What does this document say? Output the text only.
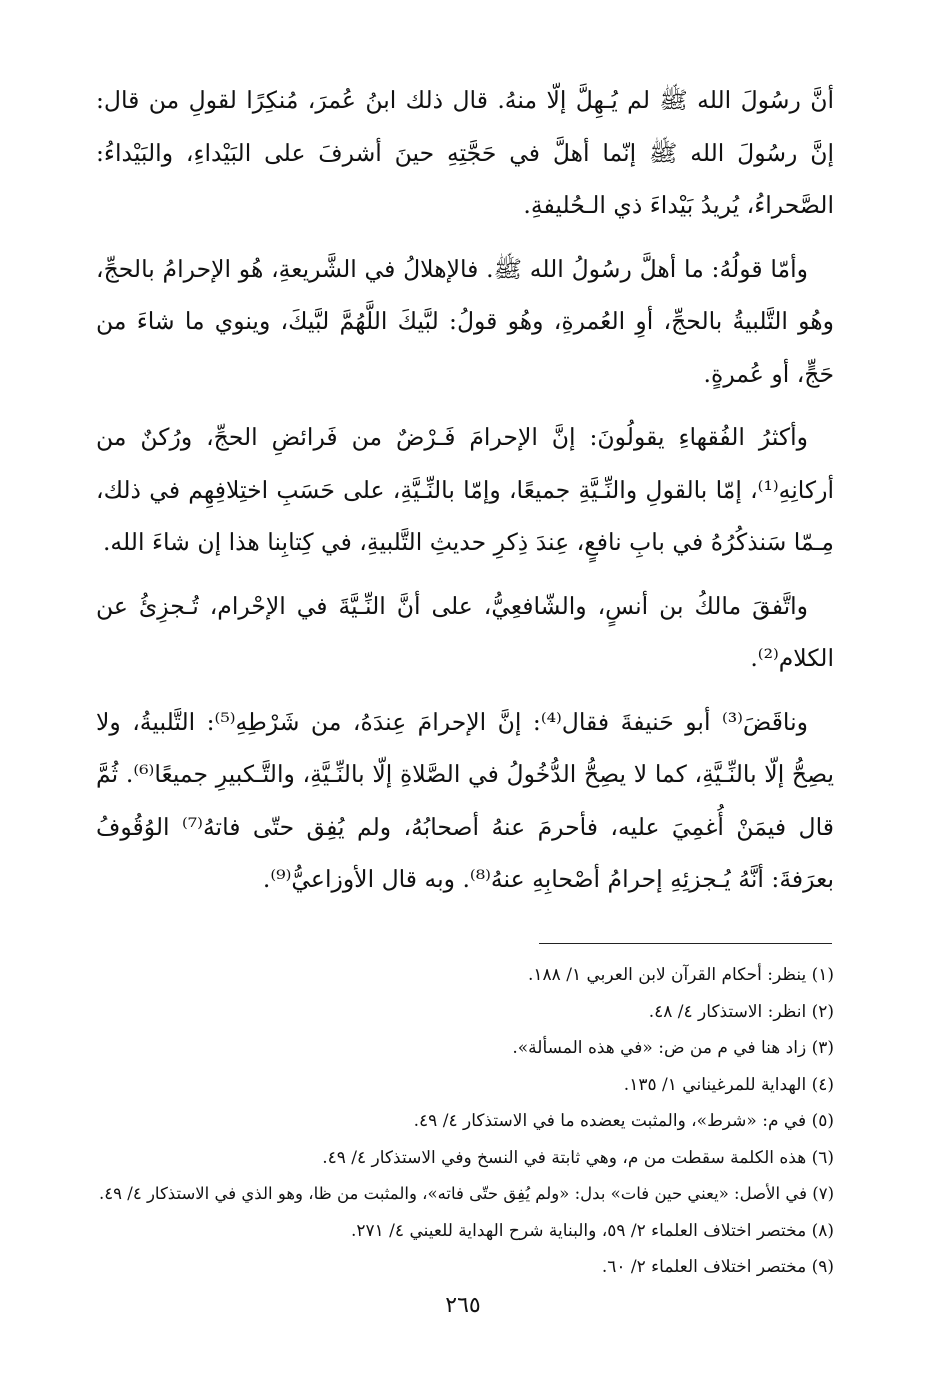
أنَّ رسُولَ الله ﷺ لم يُـهِلَّ إلّا منهُ. قال ذلك ابنُ عُمرَ، مُنكِرًا لقولِ من قال: إنَّ رسُولَ الله ﷺ إنّما أهلَّ في حَجَّتِهِ حينَ أشرفَ على البَيْداءِ، والبَيْداءُ: الصَّحراءُ، يُريدُ بَيْداءَ ذي الـحُليفةِ.

وأمّا قولُهُ: ما أهلَّ رسُولُ الله ﷺ. فالإهلالُ في الشَّريعةِ، هُو الإحرامُ بالحجِّ، وهُو التَّلبيةُ بالحجِّ، أوِ العُمرةِ، وهُو قولُ: لبَّيكَ اللَّهُمَّ لبَّيكَ، وينوي ما شاءَ من حَجٍّ، أو عُمرةٍ.

وأكثرُ الفُقهاءِ يقولُونَ: إنَّ الإحرامَ فَـرْضٌ من فَرائضِ الحجِّ، ورُكنٌ من أركانِهِ⁽¹⁾، إمّا بالقولِ والنِّـيَّةِ جميعًا، وإمّا بالنِّـيَّةِ، على حَسَبِ اختِلافِهِم في ذلك، مِـمّا سَنذكُرُهُ في بابِ نافعٍ، عِندَ ذِكرِ حديثِ التَّلبيةِ، في كِتابِنا هذا إن شاءَ الله.

واتَّفقَ مالكُ بن أنسٍ، والشّافعِيُّ، على أنَّ النِّـيَّةَ في الإحْرام، تُـجزِئُ عن الكلام⁽²⁾.

وناقَضَ⁽³⁾ أبو حَنيفةَ فقال⁽⁴⁾: إنَّ الإحرامَ عِندَهُ، من شَرْطِهِ⁽⁵⁾: التَّلبيةُ، ولا يصِحُّ إلّا بالنِّـيَّةِ، كما لا يصِحُّ الدُّخُولُ في الصَّلاةِ إلّا بالنِّـيَّةِ، والتَّـكبيرِ جميعًا⁽⁶⁾. ثُمَّ قال فيمَنْ أُغمِيَ عليه، فأحرمَ عنهُ أصحابُهُ، ولم يُفِق حتّى فاتهُ⁽⁷⁾ الوُقُوفُ بعرَفةَ: أنَّهُ يُـجزئِهِ إحرامُ أصْحابِهِ عنهُ⁽⁸⁾. وبه قال الأوزاعيُّ⁽⁹⁾.

(١) ينظر: أحكام القرآن لابن العربي ١/ ١٨٨.
(٢) انظر: الاستذكار ٤/ ٤٨.
(٣) زاد هنا في م من ض: «في هذه المسألة».
(٤) الهداية للمرغيناني ١/ ١٣٥.
(٥) في م: «شرط»، والمثبت يعضده ما في الاستذكار ٤/ ٤٩.
(٦) هذه الكلمة سقطت من م، وهي ثابتة في النسخ وفي الاستذكار ٤/ ٤٩.
(٧) في الأصل: «يعني حين فات» بدل: «ولم يُفِق حتّى فاته»، والمثبت من ظا، وهو الذي في الاستذكار ٤/ ٤٩.
(٨) مختصر اختلاف العلماء ٢/ ٥٩، والبناية شرح الهداية للعيني ٤/ ٢٧١.
(٩) مختصر اختلاف العلماء ٢/ ٦٠.
٢٦٥
